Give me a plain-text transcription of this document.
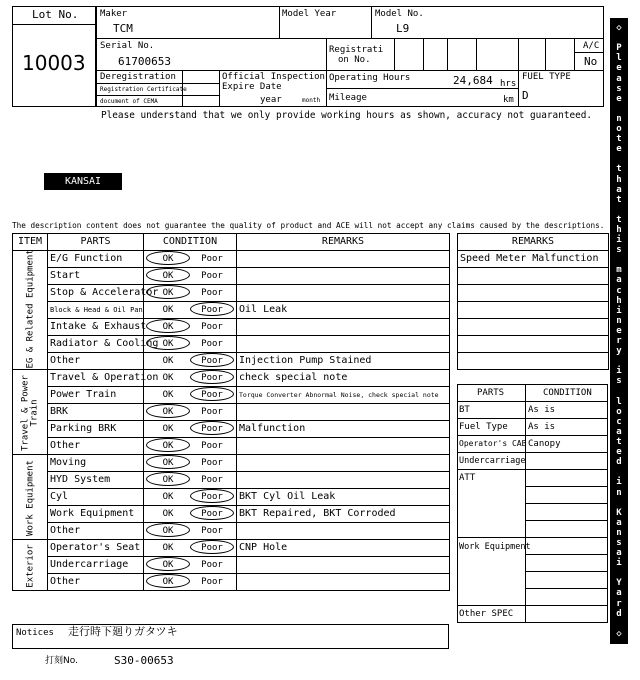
Lot No.
10003
Maker
TCM
Model Year	Model No.
L9
Serial No.
61700653
Registrati
on No.
A/C
No
Deregistration
Registration Certificate
document of CEMA
Official Inspection
Expire Date
year	month
Operating Hours	24,684 hrs
Mileage	km
FUEL TYPE
D
Please understand that we only provide working hours as shown, accuracy not guaranteed.
KANSAI
The description content does not guarantee the quality of product and ACE will not accept any claims caused by the descriptions.
ITEM	PARTS	CONDITION	REMARKS

EG & Related Equipment	E/G Function	OK Poor	
	Start	OK Poor	
	Stop & Accelerator	OK Poor	
	Block & Head & Oil Pan	OK Poor	Oil Leak
	Intake & Exhaust	OK Poor	
	Radiator & Cooling	OK Poor	
	Other	OK Poor	Injection Pump Stained

Travel & Power Train	Travel & Operation	OK Poor	check special note
	Power Train	OK Poor	Torque Converter Abnormal Noise, check special note
	BRK	OK Poor	
	Parking BRK	OK Poor	Malfunction
	Other	OK Poor	

Work Equipment	Moving	OK Poor	
	HYD System	OK Poor	
	Cyl	OK Poor	BKT Cyl Oil Leak
	Work Equipment	OK Poor	BKT Repaired, BKT Corroded
	Other	OK Poor	

Exterior	Operator's Seat	OK Poor	CNP Hole
	Undercarriage	OK Poor	
	Other	OK Poor	
REMARKS
Speed Meter Malfunction

PARTS	CONDITION
BT	As is
Fuel Type As is
Operator's CAB Canopy
Undercarriage
ATT
Work Equipment
Other SPEC
Notices 走行時下廻りガタツキ
打刻No.	S30-00653
◇
P
l
e
a
s
e
n
o
t
e
t
h
a
t
t
h
i
s
m
a
c
h
i
n
e
r
y
i
s
l
o
c
a
t
e
d
i
n
K
a
n
s
a
i
Y
a
r
d
◇
